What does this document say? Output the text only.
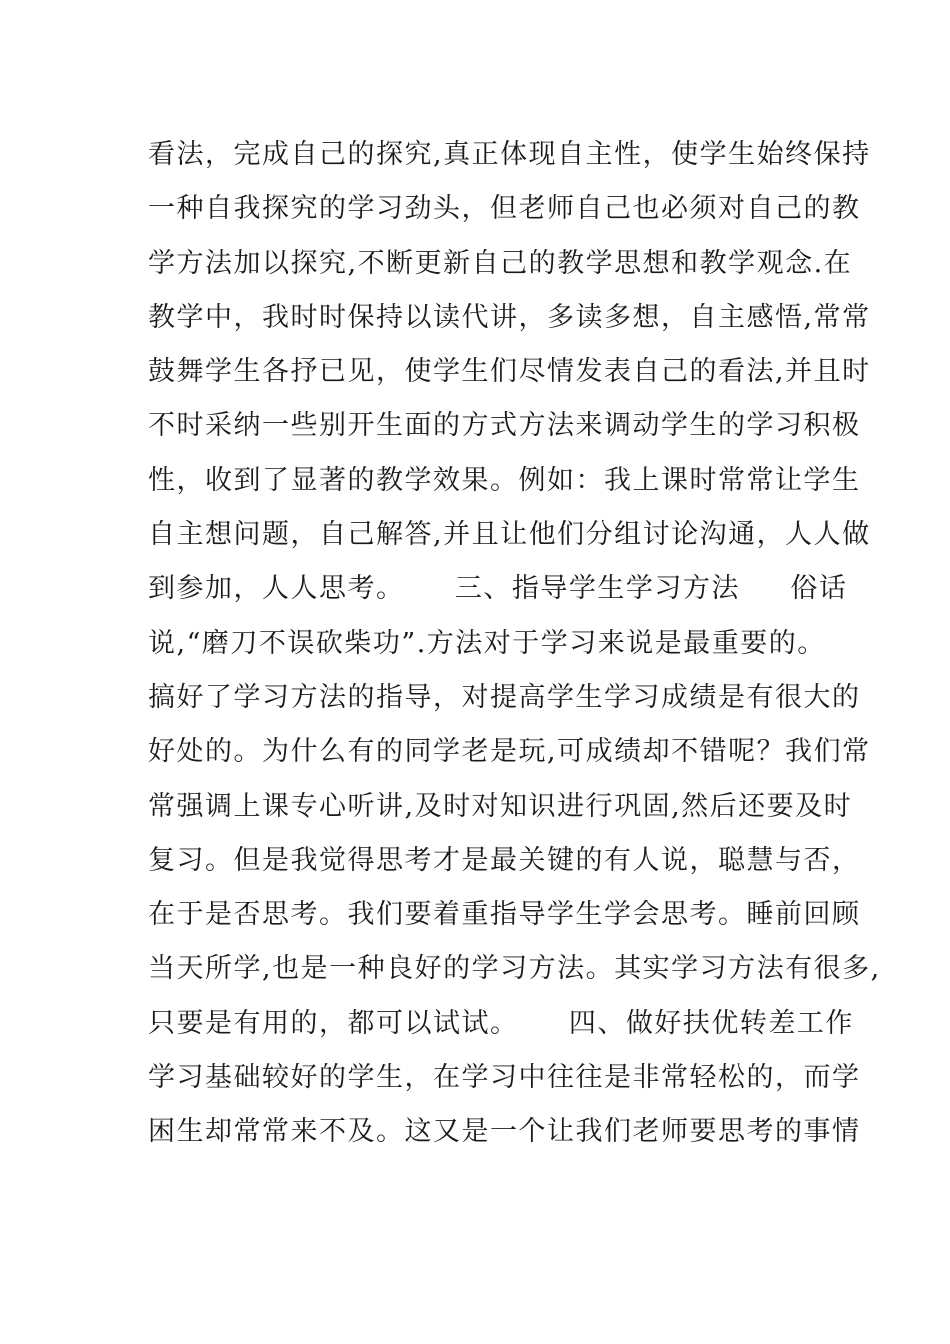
看法，完成自己的探究,真正体现自主性，使学生始终保持
一种自我探究的学习劲头，但老师自己也必须对自己的教
学方法加以探究,不断更新自己的教学思想和教学观念.在
教学中，我时时保持以读代讲，多读多想，自主感悟,常常
鼓舞学生各抒已见，使学生们尽情发表自己的看法,并且时
不时采纳一些别开生面的方式方法来调动学生的学习积极
性，收到了显著的教学效果。例如：我上课时常常让学生
自主想问题，自己解答,并且让他们分组讨论沟通，人人做
到参加，人人思考。     三、指导学生学习方法     俗话
说,“磨刀不误砍柴功”.方法对于学习来说是最重要的。
搞好了学习方法的指导，对提高学生学习成绩是有很大的
好处的。为什么有的同学老是玩,可成绩却不错呢？我们常
常强调上课专心听讲,及时对知识进行巩固,然后还要及时
复习。但是我觉得思考才是最关键的有人说，聪慧与否，
在于是否思考。我们要着重指导学生学会思考。睡前回顾
当天所学,也是一种良好的学习方法。其实学习方法有很多,
只要是有用的，都可以试试。     四、做好扶优转差工作
学习基础较好的学生，在学习中往往是非常轻松的，而学
困生却常常来不及。这又是一个让我们老师要思考的事情
